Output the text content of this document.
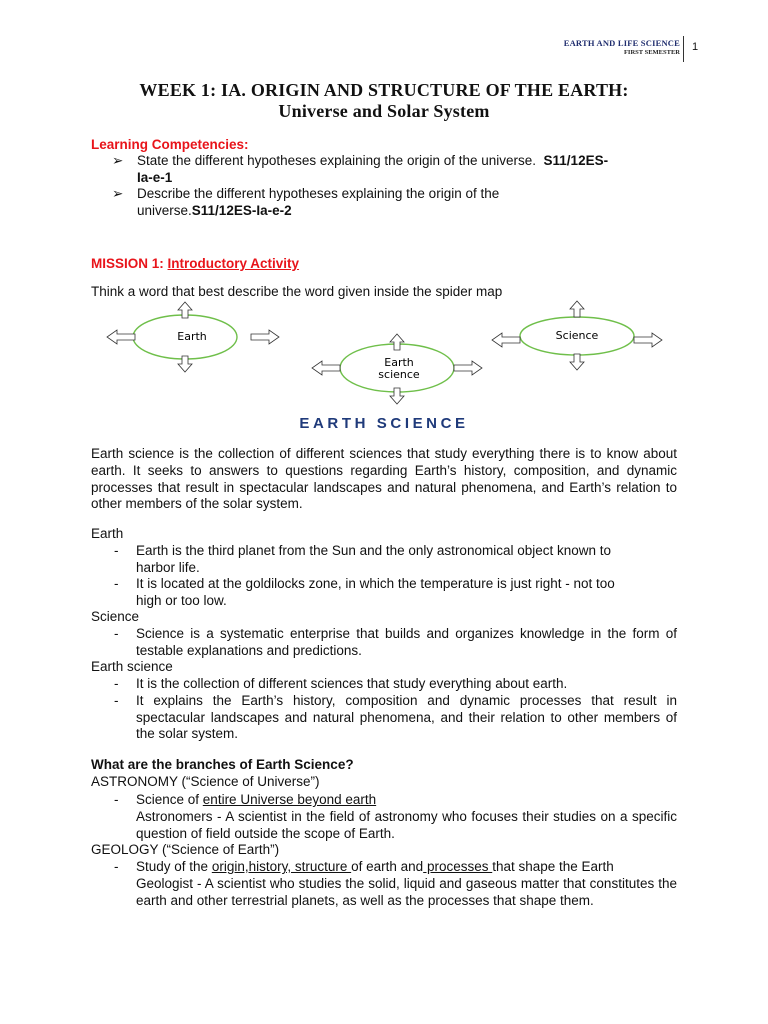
EARTH AND LIFE SCIENCE
FIRST SEMESTER 1
WEEK 1: IA. ORIGIN AND STRUCTURE OF THE EARTH:
Universe and Solar System
Learning Competencies:
➢ State the different hypotheses explaining the origin of the universe. S11/12ES-
Ia-e-1
➢ Describe the different hypotheses explaining the origin of the
universe.S11/12ES-Ia-e-2
MISSION 1: Introductory Activity
Think a word that best describe the word given inside the spider map
Earth
Earth
science
Science
EARTH SCIENCE
Earth science is the collection of different sciences that study everything there is to know about earth. It seeks to answers to questions regarding Earth’s history, composition, and dynamic processes that result in spectacular landscapes and natural phenomena, and Earth’s relation to other members of the solar system.
Earth
- Earth is the third planet from the Sun and the only astronomical object known to
harbor life.
- It is located at the goldilocks zone, in which the temperature is just right - not too
high or too low.
Science
- Science is a systematic enterprise that builds and organizes knowledge in the form of testable explanations and predictions.
Earth science
- It is the collection of different sciences that study everything about earth.
- It explains the Earth’s history, composition and dynamic processes that result in spectacular landscapes and natural phenomena, and their relation to other members of the solar system.
What are the branches of Earth Science?
ASTRONOMY (“Science of Universe”)
- Science of entire Universe beyond earth
Astronomers - A scientist in the field of astronomy who focuses their studies on a specific question of field outside the scope of Earth.
GEOLOGY (“Science of Earth”)
- Study of the origin,history, structure of earth and processes that shape the Earth
Geologist - A scientist who studies the solid, liquid and gaseous matter that constitutes the earth and other terrestrial planets, as well as the processes that shape them.
